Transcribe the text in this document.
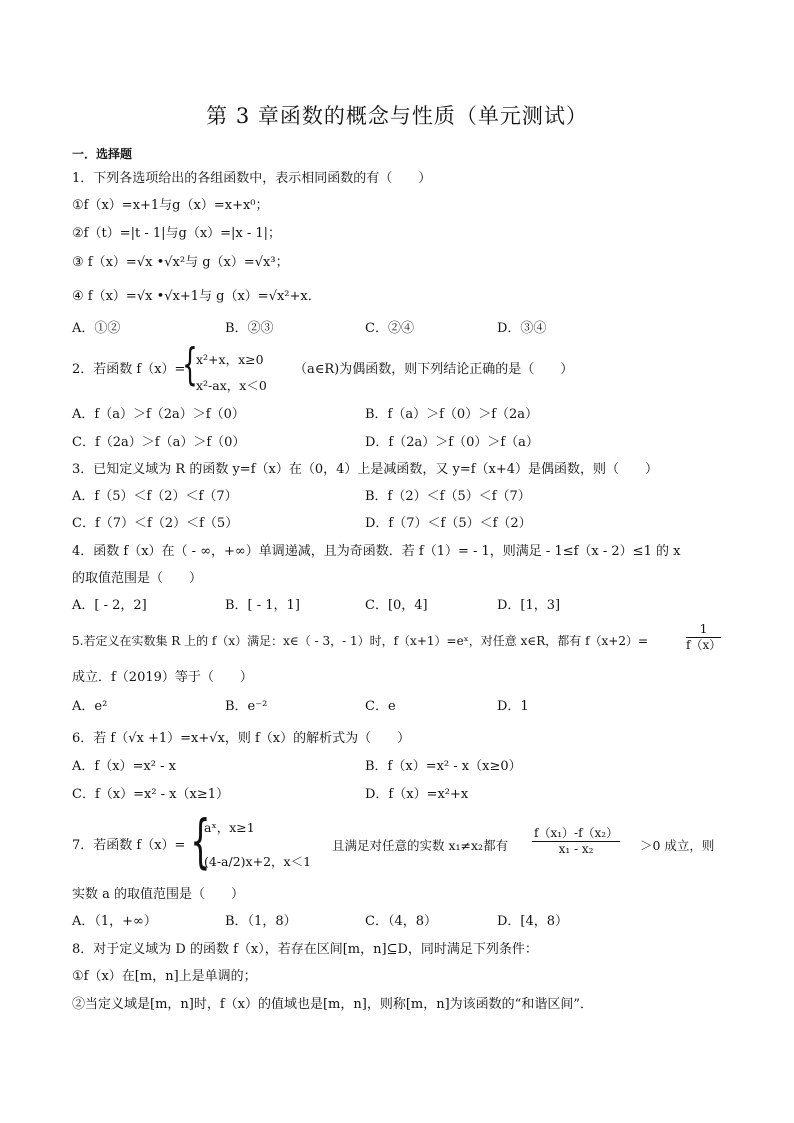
第 3 章函数的概念与性质（单元测试）
一．选择题
1．下列各选项给出的各组函数中，表示相同函数的有（　　）
①f（x）=x+1与g（x）=x+x⁰；
②f（t）=|t - 1|与g（x）=|x - 1|；
③ f（x）=√x •√x²与 g（x）=√x³；
④ f（x）=√x •√x+1与 g（x）=√x²+x．
A．①②	B．②③	C．②④	D．③④
2．若函数 f（x）=
{
x²+x，x≥0
x²-ax，x＜0
（a∈R)为偶函数，则下列结论正确的是（　　）
A．f（a）＞f（2a）＞f（0）	B．f（a）＞f（0）＞f（2a）
C．f（2a）＞f（a）＞f（0）	D．f（2a）＞f（0）＞f（a）
3．已知定义域为 R 的函数 y=f（x）在（0，4）上是减函数，又 y=f（x+4）是偶函数，则（　　）
A．f（5）＜f（2）＜f（7）	B．f（2）＜f（5）＜f（7）
C．f（7）＜f（2）＜f（5）	D．f（7）＜f（5）＜f（2）
4．函数 f（x）在（ - ∞，+∞）单调递减，且为奇函数．若 f（1）= - 1，则满足 - 1≤f（x - 2）≤1 的 x
的取值范围是（　　）
A．[ - 2，2]	B．[ - 1，1]	C．[0，4]	D．[1，3]
5.若定义在实数集 R 上的 f（x）满足：x∈（ - 3，- 1）时，f（x+1）=eˣ，对任意 x∈R，都有 f（x+2）=	$\frac{1}{f(x)}$
成立．f（2019）等于（　　）
A．e²	B．e⁻²	C．e	D．1
6．若 f（√x +1）=x+√x，则 f（x）的解析式为（　　）
A．f（x）=x² - x	B．f（x）=x² - x（x≥0）
C．f（x）=x² - x（x≥1）	D．f（x）=x²+x
7．若函数 f（x）= {
aˣ，x≥1
(4-a/2)x+2，x＜1
且满足对任意的实数 x₁≠x₂都有 $\frac{\text{f（x₁）-f（x₂）}}{\text{x₁ - x₂}} >0$ 成立，则
实数 a 的取值范围是（　　）
A．（1，+∞）	B．（1，8）	C．（4，8）	D．[4，8）
8．对于定义域为 D 的函数 f（x），若存在区间[m，n]⊆D，同时满足下列条件：
①f（x）在[m，n]上是单调的；
②当定义域是[m，n]时，f（x）的值域也是[m，n]，则称[m，n]为该函数的“和谐区间”．
